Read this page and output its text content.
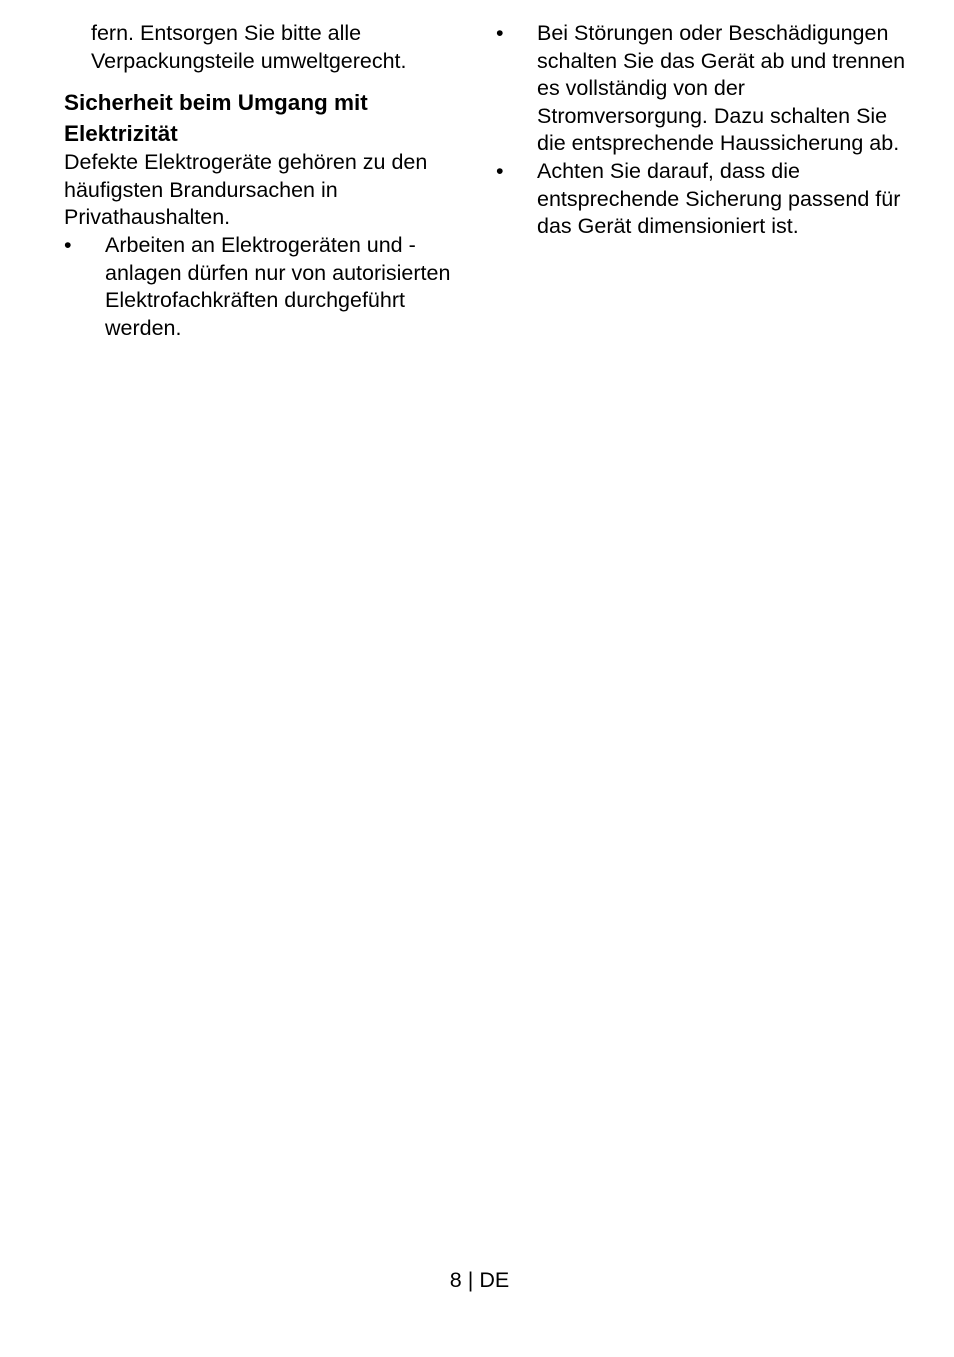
fern. Entsorgen Sie bitte alle Verpackungsteile umweltgerecht.

Sicherheit beim Umgang mit Elektrizität

Defekte Elektrogeräte gehören zu den häufigsten Brandursachen in Privathaushalten.

• Arbeiten an Elektrogeräten und -anlagen dürfen nur von autorisierten Elektrofachkräften durchgeführt werden.
• Bei Störungen oder Beschädigungen schalten Sie das Gerät ab und trennen es vollständig von der Stromversorgung. Dazu schalten Sie die entsprechende Haussicherung ab.
• Achten Sie darauf, dass die entsprechende Sicherung passend für das Gerät dimensioniert ist.
8 | DE
